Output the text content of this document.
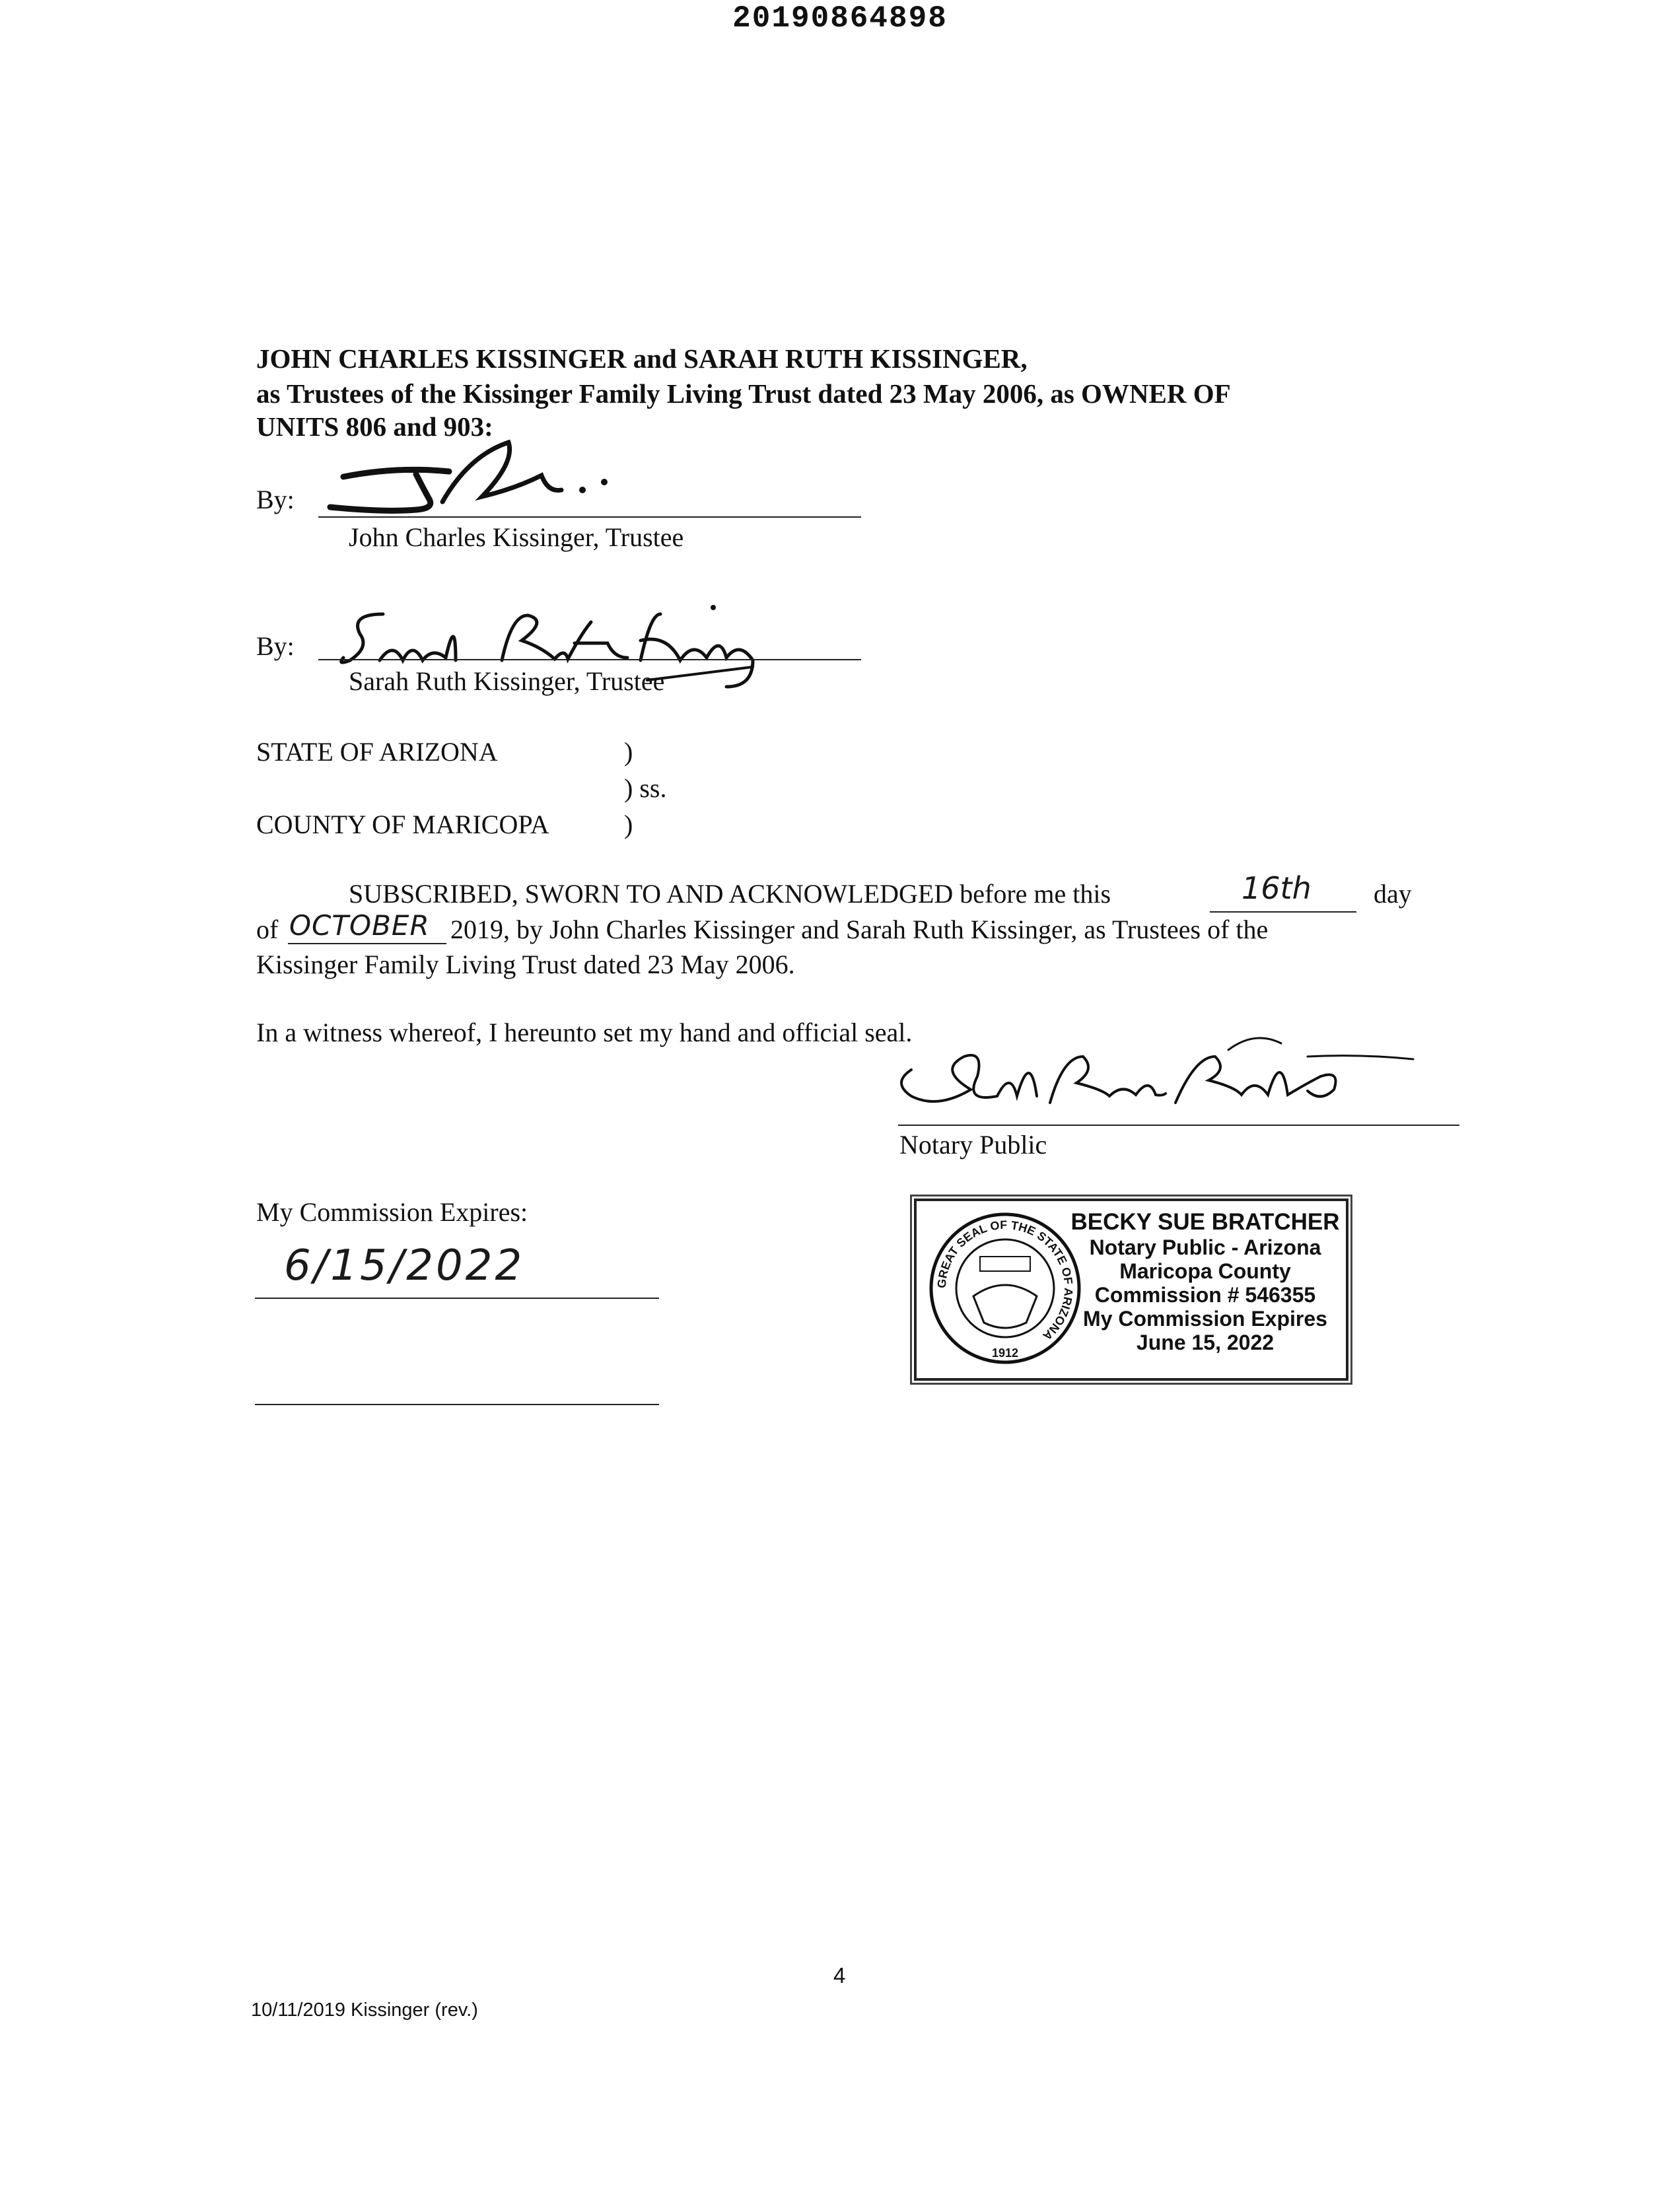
20190864898
JOHN CHARLES KISSINGER and SARAH RUTH KISSINGER,
as Trustees of the Kissinger Family Living Trust dated 23 May 2006, as OWNER OF
UNITS 806 and 903:
By:
John Charles Kissinger, Trustee
By:
Sarah Ruth Kissinger, Trustee
STATE OF ARIZONA	)
) ss.
COUNTY OF MARICOPA	)
SUBSCRIBED, SWORN TO AND ACKNOWLEDGED before me this	16th day
of OCTOBER 2019, by John Charles Kissinger and Sarah Ruth Kissinger, as Trustees of the
Kissinger Family Living Trust dated 23 May 2006.
In a witness whereof, I hereunto set my hand and official seal.
Notary Public
My Commission Expires:
6/15/2022	GREAT SEAL OF THE STATE OF ARIZONA
1912
BECKY SUE BRATCHER
Notary Public - Arizona
Maricopa County
Commission # 546355
My Commission Expires
June 15, 2022
4
10/11/2019 Kissinger (rev.)
